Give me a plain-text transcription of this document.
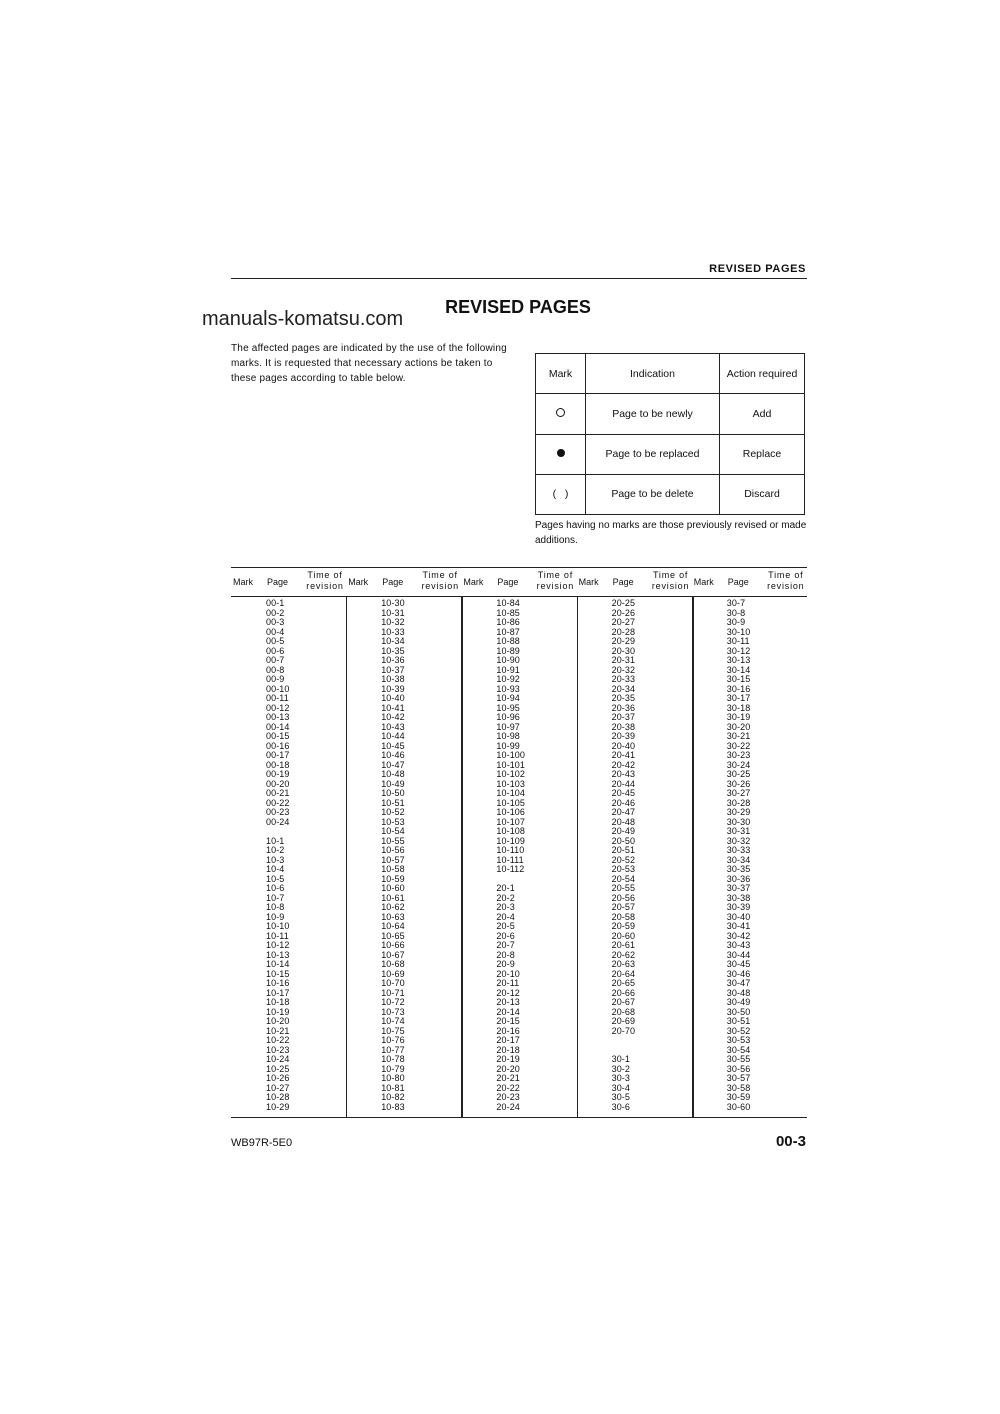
REVISED PAGES
REVISED PAGES
manuals-komatsu.com
The affected pages are indicated by the use of the following marks. It is requested that necessary actions be taken to these pages according to table below.	Mark	Indication	Action required
	Page to be newly	Add
	Page to be replaced	Replace
(   )	Page to be delete	Discard
Pages having no marks are those previously revised or made additions.
Mark Page
Time of
revision
00-1
00-2
00-3
00-4
00-5
00-6
00-7
00-8
00-9
00-10
00-11
00-12
00-13
00-14
00-15
00-16
00-17
00-18
00-19
00-20
00-21
00-22
00-23
00-24
10-1
10-2
10-3
10-4
10-5
10-6
10-7
10-8
10-9
10-10
10-11
10-12
10-13
10-14
10-15
10-16
10-17
10-18
10-19
10-20
10-21
10-22
10-23
10-24
10-25
10-26
10-27
10-28
10-29
Mark Page
Time of
revision
10-30
10-31
10-32
10-33
10-34
10-35
10-36
10-37
10-38
10-39
10-40
10-41
10-42
10-43
10-44
10-45
10-46
10-47
10-48
10-49
10-50
10-51
10-52
10-53
10-54
10-55
10-56
10-57
10-58
10-59
10-60
10-61
10-62
10-63
10-64
10-65
10-66
10-67
10-68
10-69
10-70
10-71
10-72
10-73
10-74
10-75
10-76
10-77
10-78
10-79
10-80
10-81
10-82
10-83
Mark Page
Time of
revision
10-84
10-85
10-86
10-87
10-88
10-89
10-90
10-91
10-92
10-93
10-94
10-95
10-96
10-97
10-98
10-99
10-100
10-101
10-102
10-103
10-104
10-105
10-106
10-107
10-108
10-109
10-110
10-111
10-112
20-1
20-2
20-3
20-4
20-5
20-6
20-7
20-8
20-9
20-10
20-11
20-12
20-13
20-14
20-15
20-16
20-17
20-18
20-19
20-20
20-21
20-22
20-23
20-24
Mark Page
Time of
revision
20-25
20-26
20-27
20-28
20-29
20-30
20-31
20-32
20-33
20-34
20-35
20-36
20-37
20-38
20-39
20-40
20-41
20-42
20-43
20-44
20-45
20-46
20-47
20-48
20-49
20-50
20-51
20-52
20-53
20-54
20-55
20-56
20-57
20-58
20-59
20-60
20-61
20-62
20-63
20-64
20-65
20-66
20-67
20-68
20-69
20-70
30-1
30-2
30-3
30-4
30-5
30-6
Mark Page
Time of
revision
30-7
30-8
30-9
30-10
30-11
30-12
30-13
30-14
30-15
30-16
30-17
30-18
30-19
30-20
30-21
30-22
30-23
30-24
30-25
30-26
30-27
30-28
30-29
30-30
30-31
30-32
30-33
30-34
30-35
30-36
30-37
30-38
30-39
30-40
30-41
30-42
30-43
30-44
30-45
30-46
30-47
30-48
30-49
30-50
30-51
30-52
30-53
30-54
30-55
30-56
30-57
30-58
30-59
30-60
WB97R-5E0	00-3
